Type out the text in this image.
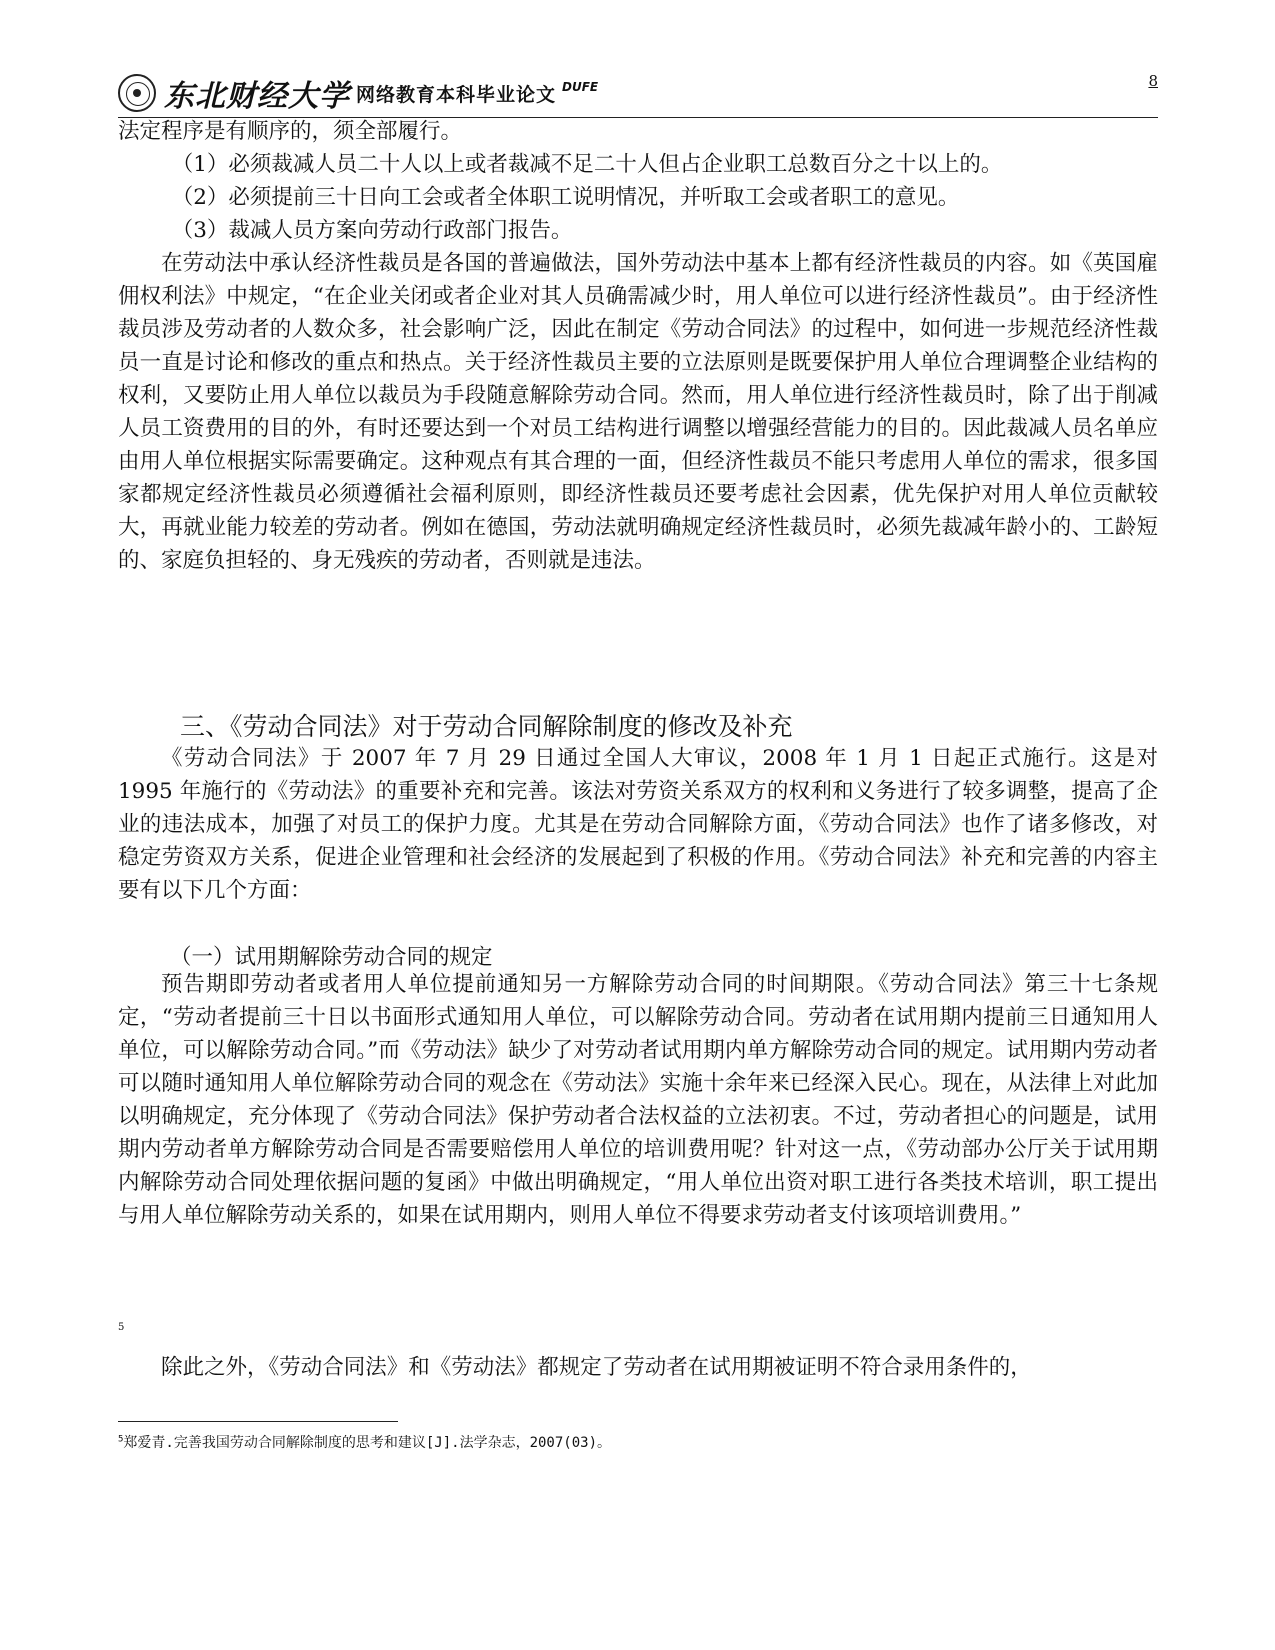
东北财经大学 网络教育本科毕业论文 DUFE	8

法定程序是有顺序的，须全部履行。

（1）必须裁减人员二十人以上或者裁减不足二十人但占企业职工总数百分之十以上的。

（2）必须提前三十日向工会或者全体职工说明情况，并听取工会或者职工的意见。

（3）裁减人员方案向劳动行政部门报告。

在劳动法中承认经济性裁员是各国的普遍做法，国外劳动法中基本上都有经济性裁员的内容。如《英国雇佣权利法》中规定，“在企业关闭或者企业对其人员确需减少时，用人单位可以进行经济性裁员”。由于经济性裁员涉及劳动者的人数众多，社会影响广泛，因此在制定《劳动合同法》的过程中，如何进一步规范经济性裁员一直是讨论和修改的重点和热点。关于经济性裁员主要的立法原则是既要保护用人单位合理调整企业结构的权利，又要防止用人单位以裁员为手段随意解除劳动合同。然而，用人单位进行经济性裁员时，除了出于削减人员工资费用的目的外，有时还要达到一个对员工结构进行调整以增强经营能力的目的。因此裁减人员名单应由用人单位根据实际需要确定。这种观点有其合理的一面，但经济性裁员不能只考虑用人单位的需求，很多国家都规定经济性裁员必须遵循社会福利原则，即经济性裁员还要考虑社会因素，优先保护对用人单位贡献较大，再就业能力较差的劳动者。例如在德国，劳动法就明确规定经济性裁员时，必须先裁减年龄小的、工龄短的、家庭负担轻的、身无残疾的劳动者，否则就是违法。

三、《劳动合同法》对于劳动合同解除制度的修改及补充

《劳动合同法》于 2007 年 7 月 29 日通过全国人大审议，2008 年 1 月 1 日起正式施行。这是对 1995 年施行的《劳动法》的重要补充和完善。该法对劳资关系双方的权利和义务进行了较多调整，提高了企业的违法成本，加强了对员工的保护力度。尤其是在劳动合同解除方面，《劳动合同法》也作了诸多修改，对稳定劳资双方关系，促进企业管理和社会经济的发展起到了积极的作用。《劳动合同法》补充和完善的内容主要有以下几个方面：

（一）试用期解除劳动合同的规定

预告期即劳动者或者用人单位提前通知另一方解除劳动合同的时间期限。《劳动合同法》第三十七条规定，“劳动者提前三十日以书面形式通知用人单位，可以解除劳动合同。劳动者在试用期内提前三日通知用人单位，可以解除劳动合同。”而《劳动法》缺少了对劳动者试用期内单方解除劳动合同的规定。试用期内劳动者可以随时通知用人单位解除劳动合同的观念在《劳动法》实施十余年来已经深入民心。现在，从法律上对此加以明确规定，充分体现了《劳动合同法》保护劳动者合法权益的立法初衷。不过，劳动者担心的问题是，试用期内劳动者单方解除劳动合同是否需要赔偿用人单位的培训费用呢？针对这一点，《劳动部办公厅关于试用期内解除劳动合同处理依据问题的复函》中做出明确规定，“用人单位出资对职工进行各类技术培训，职工提出与用人单位解除劳动关系的，如果在试用期内，则用人单位不得要求劳动者支付该项培训费用。”

5

除此之外，《劳动合同法》和《劳动法》都规定了劳动者在试用期被证明不符合录用条件的，

$^5$郑爱青.完善我国劳动合同解除制度的思考和建议[J].法学杂志，2007(03)。
